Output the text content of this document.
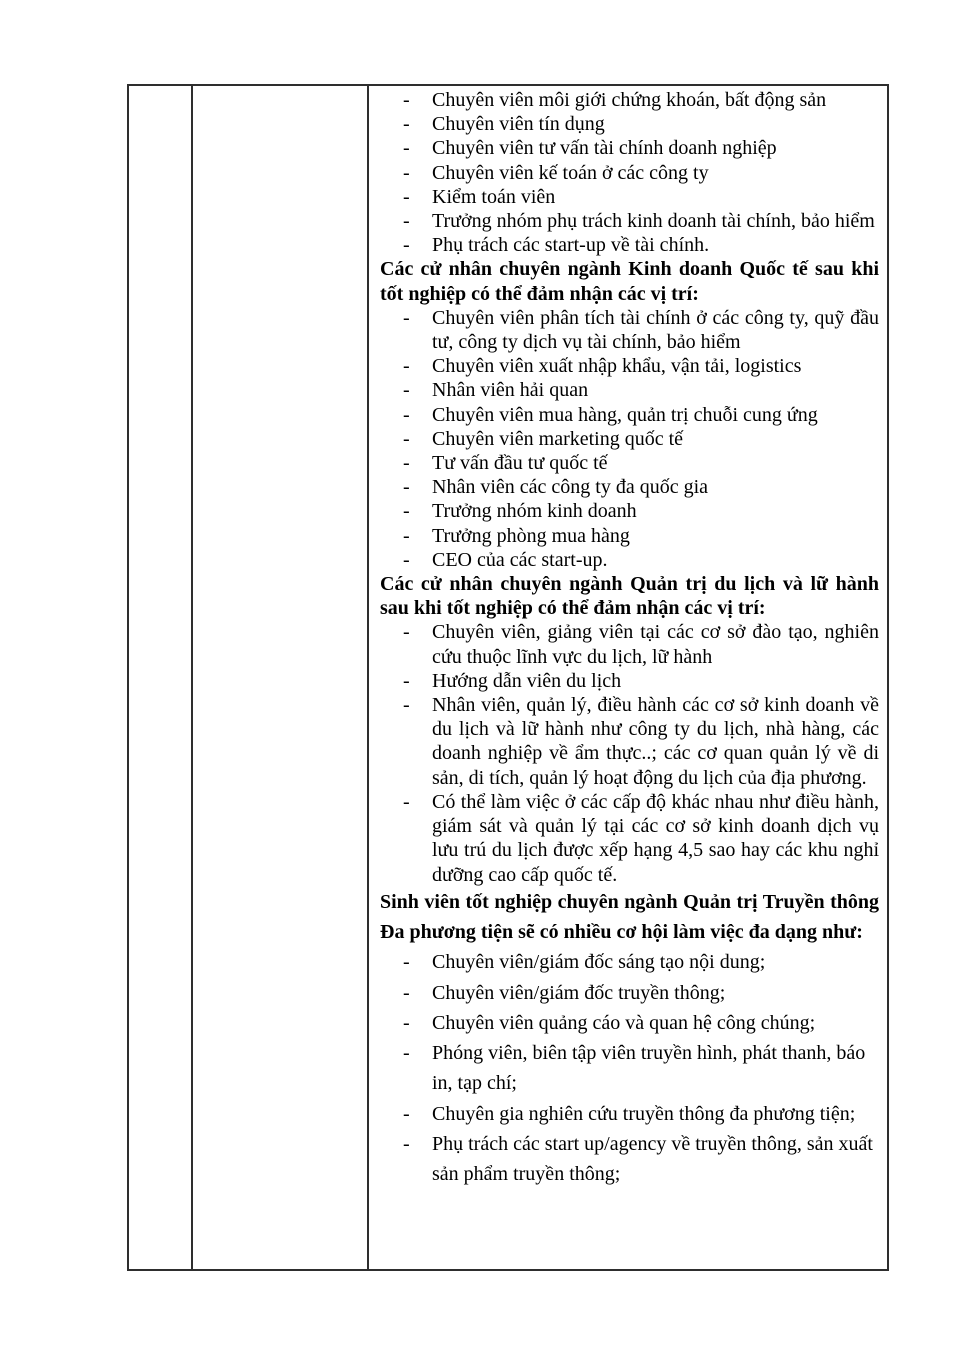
- Chuyên viên môi giới chứng khoán, bất động sản
- Chuyên viên tín dụng
- Chuyên viên tư vấn tài chính doanh nghiệp
- Chuyên viên kế toán ở các công ty
- Kiểm toán viên
- Trưởng nhóm phụ trách kinh doanh tài chính, bảo hiểm
- Phụ trách các start-up về tài chính.

Các cử nhân chuyên ngành Kinh doanh Quốc tế sau khi tốt nghiệp có thể đảm nhận các vị trí:

- Chuyên viên phân tích tài chính ở các công ty, quỹ đầu tư, công ty dịch vụ tài chính, bảo hiểm
- Chuyên viên xuất nhập khẩu, vận tải, logistics
- Nhân viên hải quan
- Chuyên viên mua hàng, quản trị chuỗi cung ứng
- Chuyên viên marketing quốc tế
- Tư vấn đầu tư quốc tế
- Nhân viên các công ty đa quốc gia
- Trưởng nhóm kinh doanh
- Trưởng phòng mua hàng
- CEO của các start-up.

Các cử nhân chuyên ngành Quản trị du lịch và lữ hành sau khi tốt nghiệp có thể đảm nhận các vị trí:

- Chuyên viên, giảng viên tại các cơ sở đào tạo, nghiên cứu thuộc lĩnh vực du lịch, lữ hành
- Hướng dẫn viên du lịch
- Nhân viên, quản lý, điều hành các cơ sở kinh doanh về du lịch và lữ hành như công ty du lịch, nhà hàng, các doanh nghiệp về ẩm thực..; các cơ quan quản lý về di sản, di tích, quản lý hoạt động du lịch của địa phương.
- Có thể làm việc ở các cấp độ khác nhau như điều hành, giám sát và quản lý tại các cơ sở kinh doanh dịch vụ lưu trú du lịch được xếp hạng 4,5 sao hay các khu nghỉ dưỡng cao cấp quốc tế.

Sinh viên tốt nghiệp chuyên ngành Quản trị Truyền thông Đa phương tiện sẽ có nhiều cơ hội làm việc đa dạng như:

- Chuyên viên/giám đốc sáng tạo nội dung;
- Chuyên viên/giám đốc truyền thông;
- Chuyên viên quảng cáo và quan hệ công chúng;
- Phóng viên, biên tập viên truyền hình, phát thanh, báo in, tạp chí;
- Chuyên gia nghiên cứu truyền thông đa phương tiện;
- Phụ trách các start up/agency về truyền thông, sản xuất sản phẩm truyền thông;
